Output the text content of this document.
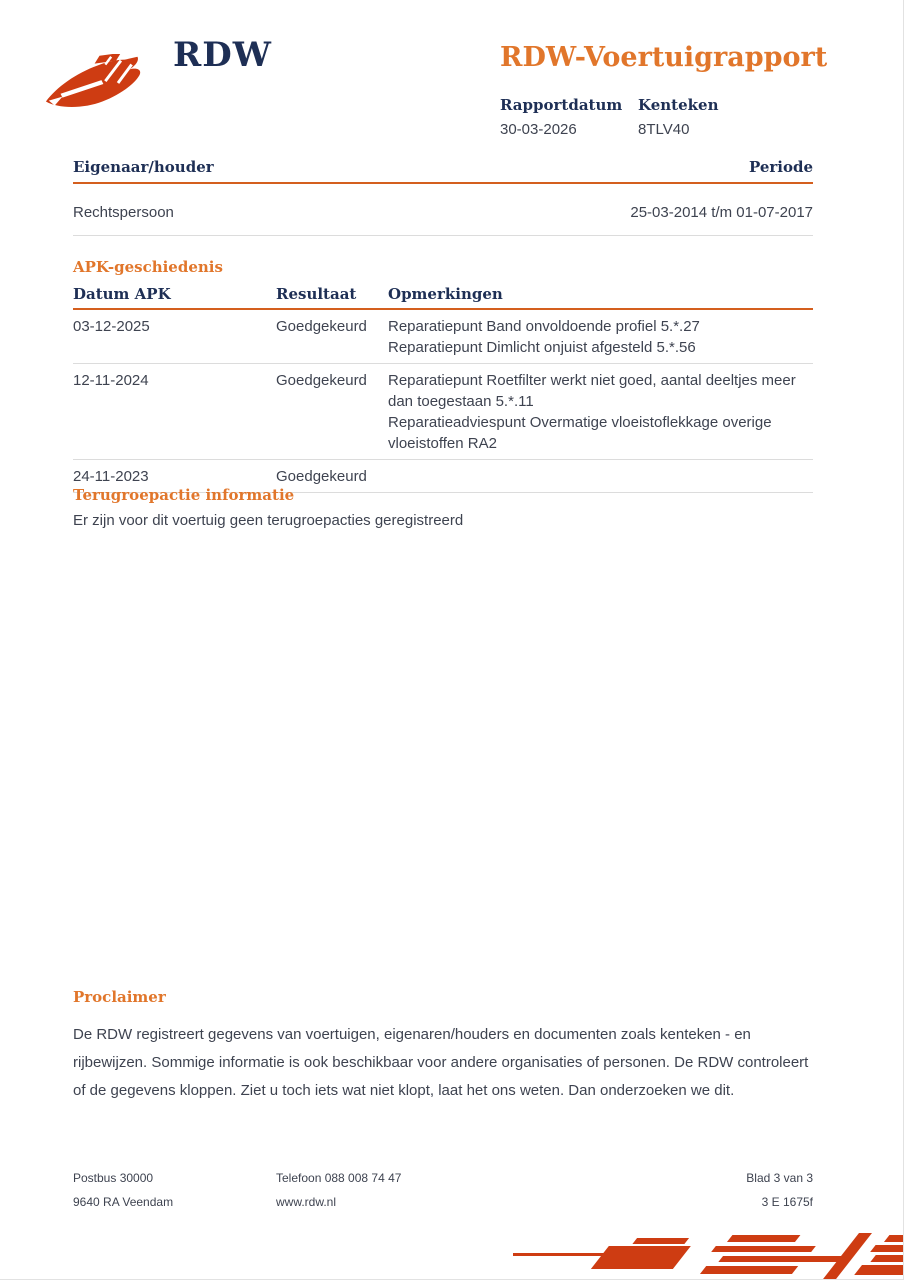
RDW	RDW-Voertuigrapport
Rapportdatum
30-03-2026
Kenteken
8TLV40
Eigenaar/houder	Periode
Rechtspersoon	25-03-2014 t/m 01-07-2017
APK-geschiedenis
Datum APK	Resultaat	Opmerkingen
03-12-2025	Goedgekeurd	Reparatiepunt Band onvoldoende profiel 5.*.27
Reparatiepunt Dimlicht onjuist afgesteld 5.*.56
12-11-2024	Goedgekeurd	Reparatiepunt Roetfilter werkt niet goed, aantal deeltjes meer dan toegestaan 5.*.11
Reparatieadviespunt Overmatige vloeistoflekkage overige vloeistoffen RA2
24-11-2023	Goedgekeurd
Terugroepactie informatie
Er zijn voor dit voertuig geen terugroepacties geregistreerd
Proclaimer
De RDW registreert gegevens van voertuigen, eigenaren/houders en documenten zoals kenteken - en rijbewijzen. Sommige informatie is ook beschikbaar voor andere organisaties of personen. De RDW controleert of de gegevens kloppen. Ziet u toch iets wat niet klopt, laat het ons weten. Dan onderzoeken we dit.
Postbus 30000
9640 RA Veendam
Telefoon 088 008 74 47
www.rdw.nl
Blad 3 van 3
3 E 1675f
